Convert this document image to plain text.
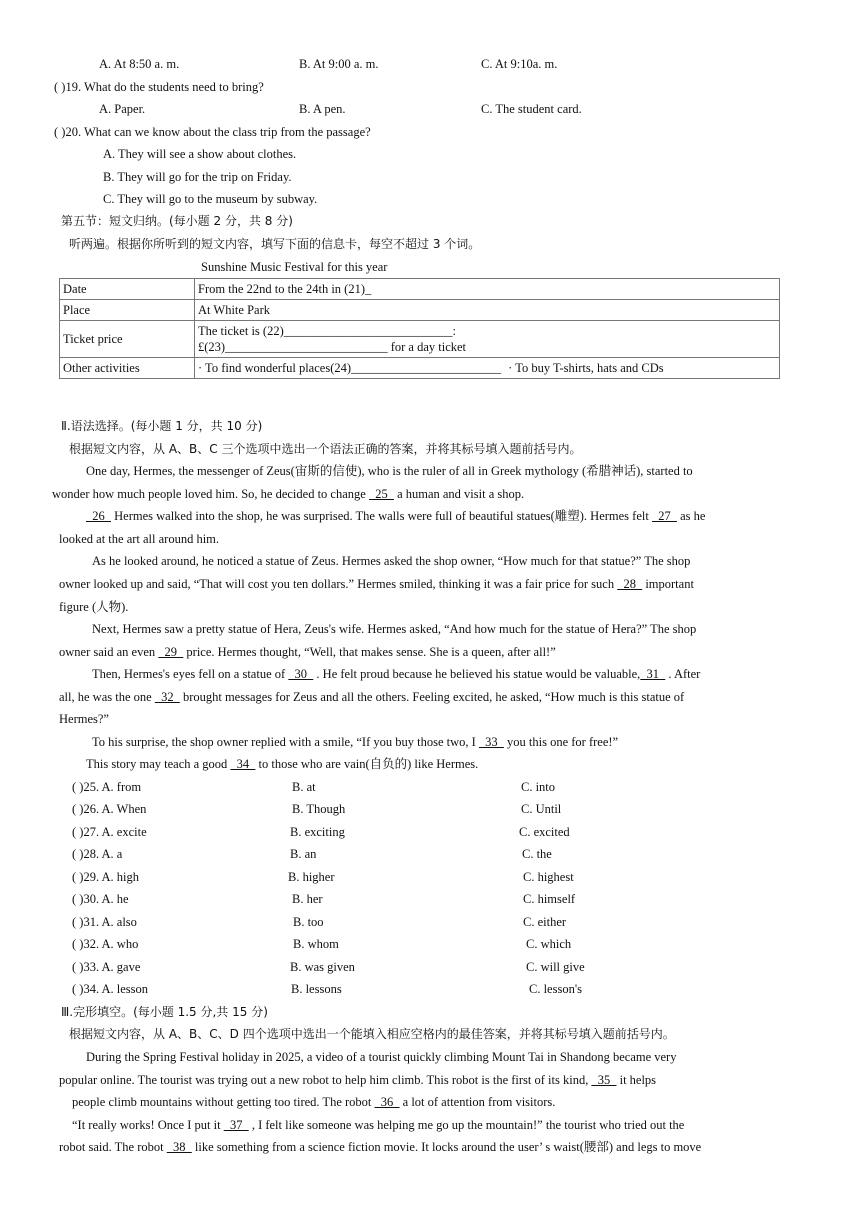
A. At 8:50 a. m.	B. At 9:00 a. m.	C. At 9:10a. m.
( )19. What do the students need to bring?
A. Paper.	B. A pen.	C. The student card.
( )20. What can we know about the class trip from the passage?
A. They will see a show about clothes.
B. They will go for the trip on Friday.
C. They will go to the museum by subway.
第五节：短文归纳。(每小题 2 分，共 8 分)
听两遍。根据你所听到的短文内容，填写下面的信息卡，每空不超过 3 个词。
Sunshine Music Festival for this year
Date	From the 22nd to the 24th in (21)_
Place	At White Park
Ticket price	The ticket is (22)___________________________:
£(23)__________________________ for a day ticket

Other activities	· To find wonderful places(24)________________________ · To buy T-shirts, hats and CDs
Ⅱ.语法选择。(每小题 1 分，共 10 分)
根据短文内容，从 A、B、C 三个选项中选出一个语法正确的答案，并将其标号填入题前括号内。
One day, Hermes, the messenger of Zeus(宙斯的信使), who is the ruler of all in Greek mythology (希腊神话), started to
wonder how much people loved him. So, he decided to change   25   a human and visit a shop.
26   Hermes walked into the shop, he was surprised. The walls were full of beautiful statues(雕塑). Hermes felt   27   as he
looked at the art all around him.
As he looked around, he noticed a statue of Zeus. Hermes asked the shop owner, “How much for that statue?” The shop
owner looked up and said, “That will cost you ten dollars.” Hermes smiled, thinking it was a fair price for such   28   important
figure (人物).
Next, Hermes saw a pretty statue of Hera, Zeus's wife. Hermes asked, “And how much for the statue of Hera?” The shop
owner said an even   29   price. Hermes thought, “Well, that makes sense. She is a queen, after all!”
Then, Hermes's eyes fell on a statue of   30   . He felt proud because he believed his statue would be valuable,  31   . After
all, he was the one   32   brought messages for Zeus and all the others. Feeling excited, he asked, “How much is this statue of
Hermes?”
To his surprise, the shop owner replied with a smile, “If you buy those two, I   33   you this one for free!”
This story may teach a good   34   to those who are vain(自负的) like Hermes.
( )25. A. from	B. at	C. into
( )26. A. When	B. Though	C. Until
( )27. A. excite	B. exciting	C. excited
( )28. A. a	B. an	C. the
( )29. A. high	B. higher	C. highest
( )30. A. he	B. her	C. himself
( )31. A. also	B. too	C. either
( )32. A. who	B. whom	C. which
( )33. A. gave	B. was given	C. will give
( )34. A. lesson	B. lessons	C. lesson's
Ⅲ.完形填空。(每小题 1.5 分,共 15 分)
根据短文内容，从 A、B、C、D 四个选项中选出一个能填入相应空格内的最佳答案，并将其标号填入题前括号内。
During the Spring Festival holiday in 2025, a video of a tourist quickly climbing Mount Tai in Shandong became very
popular online. The tourist was trying out a new robot to help him climb. This robot is the first of its kind,   35   it helps
people climb mountains without getting too tired. The robot   36   a lot of attention from visitors.
“It really works! Once I put it   37   , I felt like someone was helping me go up the mountain!” the tourist who tried out the
robot said. The robot   38   like something from a science fiction movie. It locks around the user’ s waist(腰部) and legs to move
